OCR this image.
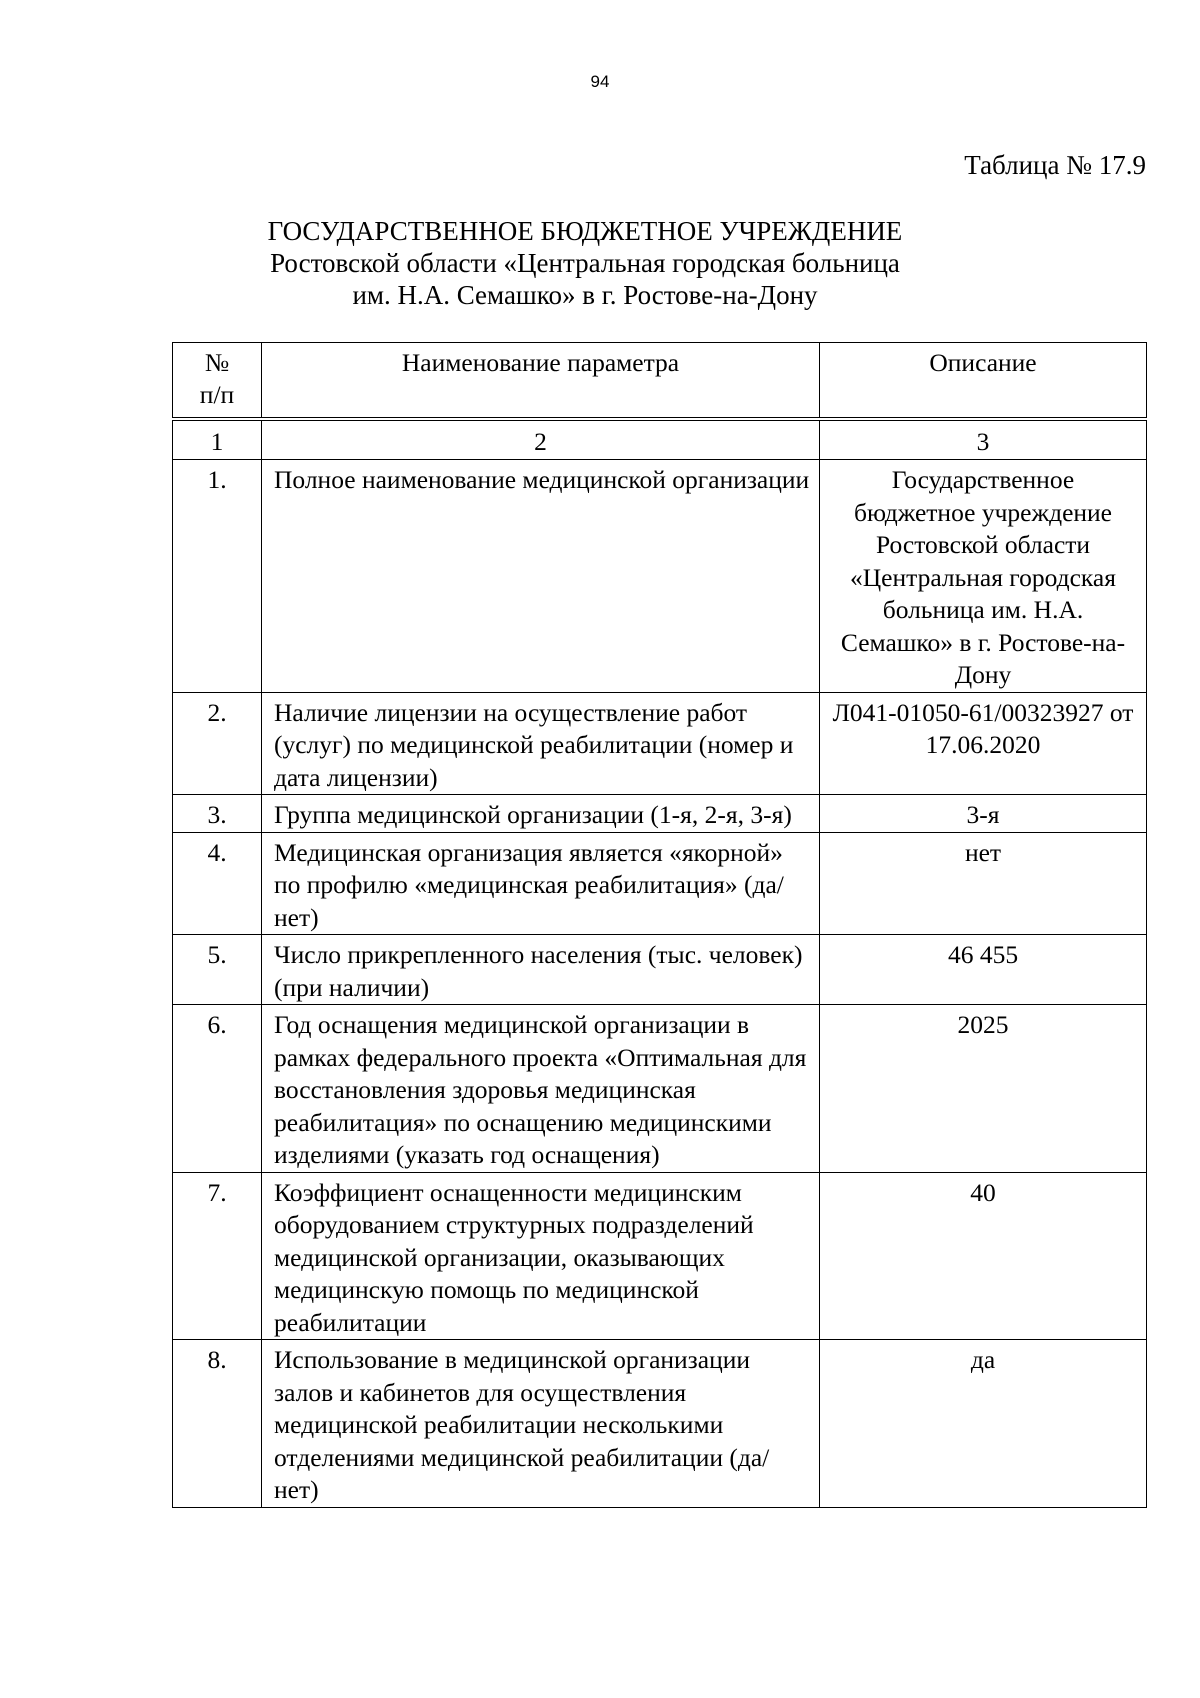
94
Таблица № 17.9
ГОСУДАРСТВЕННОЕ БЮДЖЕТНОЕ УЧРЕЖДЕНИЕ
Ростовской области «Центральная городская больница
им. Н.А. Семашко» в г. Ростове-на-Дону
№
п/п	Наименование параметра	Описание
1	2	3
1.	Полное наименование медицинской организации	Государственное бюджетное учреждение Ростовской области «Центральная городская больница им. Н.А. Семашко» в г. Ростове-на-Дону
2.	Наличие лицензии на осуществление работ (услуг) по медицинской реабилитации (номер и дата лицензии)	Л041-01050-61/00323927 от 17.06.2020
3.	Группа медицинской организации (1-я, 2-я, 3-я)	3-я
4.	Медицинская организация является «якорной» по профилю «медицинская реабилитация» (да/нет)	нет
5.	Число прикрепленного населения (тыс. человек) (при наличии)	46 455
6.	Год оснащения медицинской организации в рамках федерального проекта «Оптимальная для восстановления здоровья медицинская реабилитация» по оснащению медицинскими изделиями (указать год оснащения)	2025
7.	Коэффициент оснащенности медицинским оборудованием структурных подразделений медицинской организации, оказывающих медицинскую помощь по медицинской реабилитации	40
8.	Использование в медицинской организации залов и кабинетов для осуществления медицинской реабилитации несколькими отделениями медицинской реабилитации (да/нет)	да
